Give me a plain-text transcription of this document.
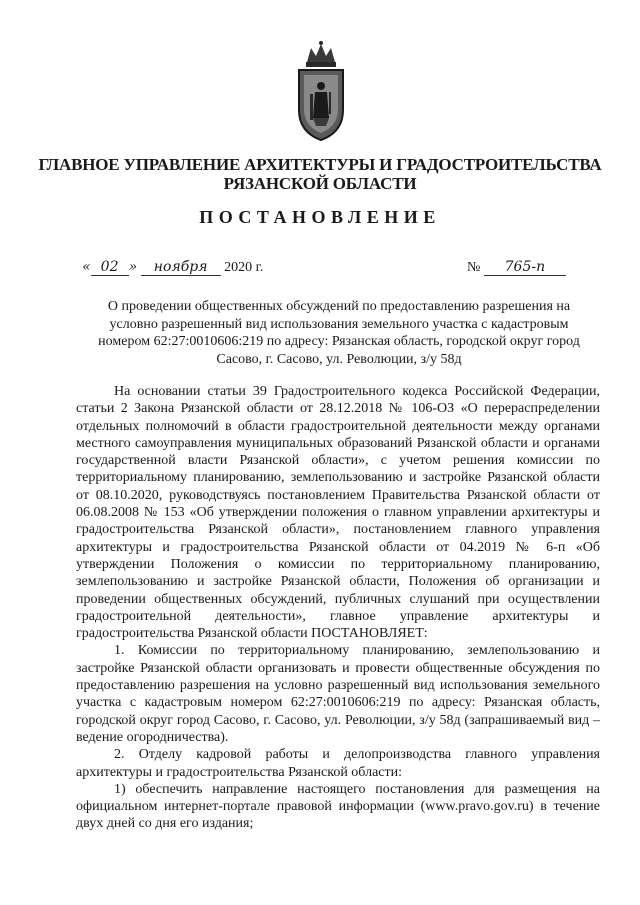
ГЛАВНОЕ УПРАВЛЕНИЕ АРХИТЕКТУРЫ И ГРАДОСТРОИТЕЛЬСТВА
РЯЗАНСКОЙ ОБЛАСТИ
ПОСТАНОВЛЕНИЕ
« 02 » ноября 2020 г.	№ 765-п
О проведении общественных обсуждений по предоставлению разрешения на условно разрешенный вид использования земельного участка с кадастровым номером 62:27:0010606:219 по адресу: Рязанская область, городской округ город Сасово, г. Сасово, ул. Революции, з/у 58д

На основании статьи 39 Градостроительного кодекса Российской Федерации, статьи 2 Закона Рязанской области от 28.12.2018 № 106-ОЗ «О перераспределении отдельных полномочий в области градостроительной деятельности между органами местного самоуправления муниципальных образований Рязанской области и органами государственной власти Рязанской области», с учетом решения комиссии по территориальному планированию, землепользованию и застройке Рязанской области от 08.10.2020, руководствуясь постановлением Правительства Рязанской области от 06.08.2008 № 153 «Об утверждении положения о главном управлении архитектуры и градостроительства Рязанской области», постановлением главного управления архитектуры и градостроительства Рязанской области от 04.2019 № 6-п «Об утверждении Положения о комиссии по территориальному планированию, землепользованию и застройке Рязанской области, Положения об организации и проведении общественных обсуждений, публичных слушаний при осуществлении градостроительной деятельности», главное управление архитектуры и градостроительства Рязанской области ПОСТАНОВЛЯЕТ:

1. Комиссии по территориальному планированию, землепользованию и застройке Рязанской области организовать и провести общественные обсуждения по предоставлению разрешения на условно разрешенный вид использования земельного участка с кадастровым номером 62:27:0010606:219 по адресу: Рязанская область, городской округ город Сасово, г. Сасово, ул. Революции, з/у 58д (запрашиваемый вид – ведение огородничества).

2. Отделу кадровой работы и делопроизводства главного управления архитектуры и градостроительства Рязанской области:

1) обеспечить направление настоящего постановления для размещения на официальном интернет-портале правовой информации (www.pravo.gov.ru) в течение двух дней со дня его издания;
